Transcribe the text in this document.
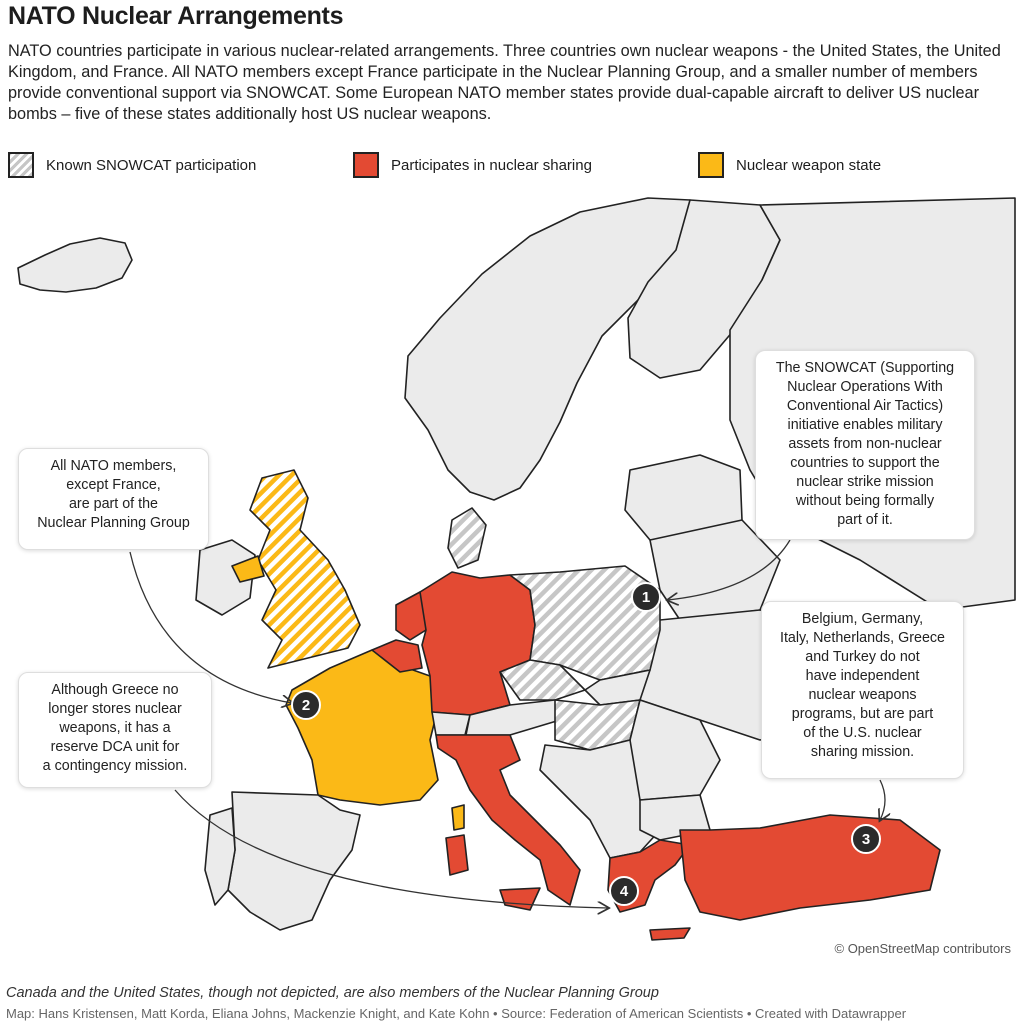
NATO Nuclear Arrangements
NATO countries participate in various nuclear-related arrangements. Three countries own nuclear weapons - the United States, the United Kingdom, and France. All NATO members except France participate in the Nuclear Planning Group, and a smaller number of members provide conventional support via SNOWCAT. Some European NATO member states provide dual-capable aircraft to deliver US nuclear bombs – five of these states additionally host US nuclear weapons.
Known SNOWCAT participation	Participates in nuclear sharing	Nuclear weapon state
The SNOWCAT (Supporting
Nuclear Operations With
Conventional Air Tactics)
initiative enables military
assets from non-nuclear
countries to support the
nuclear strike mission
without being formally
part of it.
All NATO members,
except France,
are part of the
Nuclear Planning Group
Belgium, Germany,
Italy, Netherlands, Greece
and Turkey do not
have independent
nuclear weapons
programs, but are part
of the U.S. nuclear
sharing mission.
Although Greece no
longer stores nuclear
weapons, it has a
reserve DCA unit for
a contingency mission.
1
2
3
4
© OpenStreetMap contributors
Canada and the United States, though not depicted, are also members of the Nuclear Planning Group
Map: Hans Kristensen, Matt Korda, Eliana Johns, Mackenzie Knight, and Kate Kohn • Source: Federation of American Scientists • Created with Datawrapper
